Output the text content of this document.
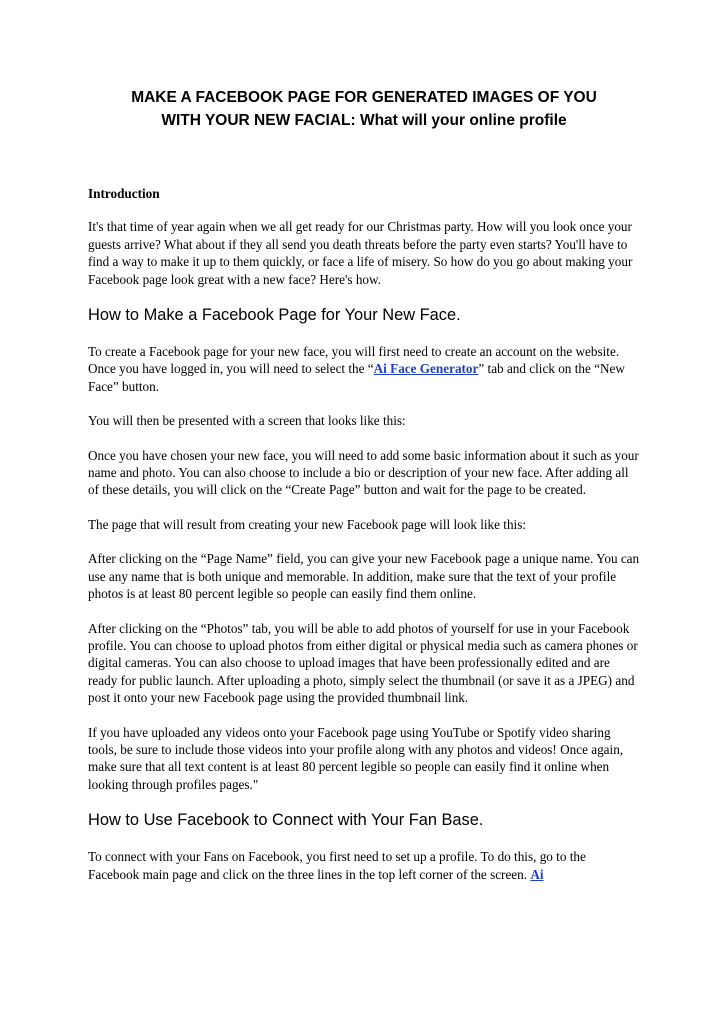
MAKE A FACEBOOK PAGE FOR GENERATED IMAGES OF YOU
WITH YOUR NEW FACIAL: What will your online profile
Introduction

It's that time of year again when we all get ready for our Christmas party. How will you look once your guests arrive? What about if they all send you death threats before the party even starts? You'll have to find a way to make it up to them quickly, or face a life of misery. So how do you go about making your Facebook page look great with a new face? Here's how.

How to Make a Facebook Page for Your New Face.

To create a Facebook page for your new face, you will first need to create an account on the website. Once you have logged in, you will need to select the “Ai Face Generator” tab and click on the “New Face” button.

You will then be presented with a screen that looks like this:

Once you have chosen your new face, you will need to add some basic information about it such as your name and photo. You can also choose to include a bio or description of your new face. After adding all of these details, you will click on the “Create Page” button and wait for the page to be created.

The page that will result from creating your new Facebook page will look like this:

After clicking on the “Page Name” field, you can give your new Facebook page a unique name. You can use any name that is both unique and memorable. In addition, make sure that the text of your profile photos is at least 80 percent legible so people can easily find them online.

After clicking on the “Photos” tab, you will be able to add photos of yourself for use in your Facebook profile. You can choose to upload photos from either digital or physical media such as camera phones or digital cameras. You can also choose to upload images that have been professionally edited and are ready for public launch. After uploading a photo, simply select the thumbnail (or save it as a JPEG) and post it onto your new Facebook page using the provided thumbnail link.

If you have uploaded any videos onto your Facebook page using YouTube or Spotify video sharing tools, be sure to include those videos into your profile along with any photos and videos! Once again, make sure that all text content is at least 80 percent legible so people can easily find it online when looking through profiles pages."

How to Use Facebook to Connect with Your Fan Base.

To connect with your Fans on Facebook, you first need to set up a profile. To do this, go to the Facebook main page and click on the three lines in the top left corner of the screen. Ai
